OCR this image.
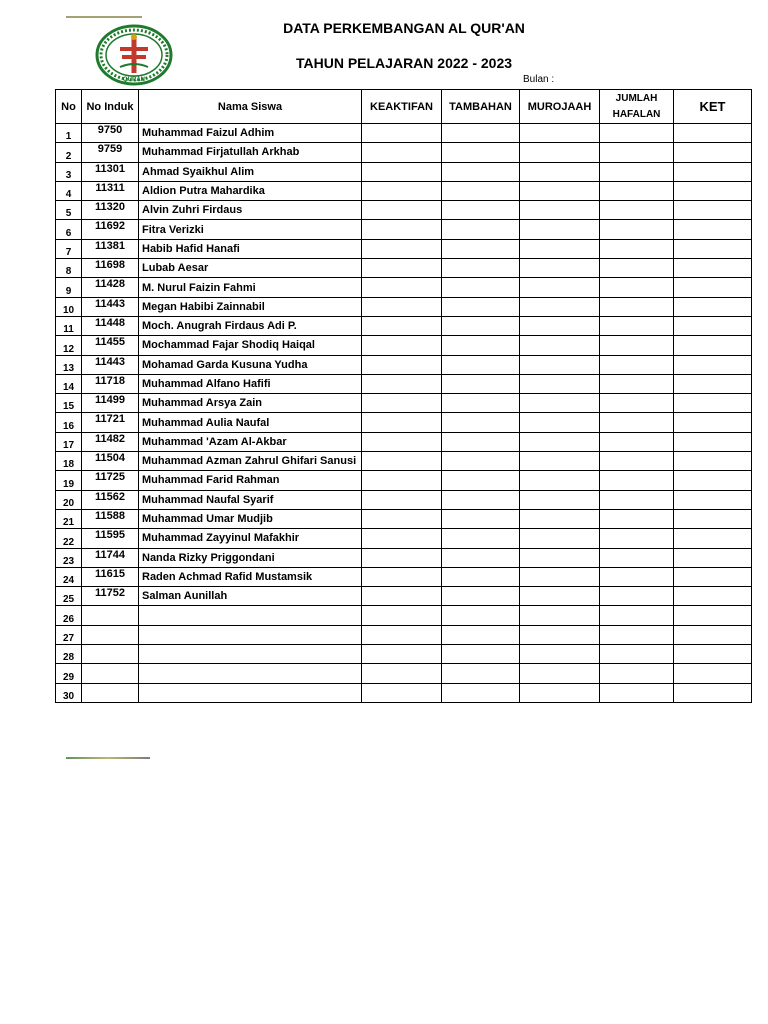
QURAN
DATA PERKEMBANGAN AL QUR'AN
TAHUN PELAJARAN 2022 - 2023
Bulan :
No	No Induk	Nama Siswa	KEAKTIFAN	TAMBAHAN	MUROJAAH	JUMLAH HAFALAN	KET
1	9750	Muhammad Faizul Adhim					
2	9759	Muhammad Firjatullah Arkhab					
3	11301	Ahmad Syaikhul Alim					
4	11311	Aldion Putra Mahardika					
5	11320	Alvin Zuhri Firdaus					
6	11692	Fitra Verizki					
7	11381	Habib Hafid Hanafi					
8	11698	Lubab Aesar					
9	11428	M. Nurul Faizin Fahmi					
10	11443	Megan Habibi Zainnabil					
11	11448	Moch. Anugrah Firdaus Adi P.					
12	11455	Mochammad Fajar Shodiq Haiqal					
13	11443	Mohamad Garda Kusuna Yudha					
14	11718	Muhammad Alfano Hafifi					
15	11499	Muhammad Arsya Zain					
16	11721	Muhammad Aulia Naufal					
17	11482	Muhammad 'Azam Al-Akbar					
18	11504	Muhammad Azman Zahrul Ghifari Sanusi					
19	11725	Muhammad Farid Rahman					
20	11562	Muhammad Naufal Syarif					
21	11588	Muhammad Umar Mudjib					
22	11595	Muhammad Zayyinul Mafakhir					
23	11744	Nanda Rizky Priggondani					
24	11615	Raden Achmad Rafid Mustamsik					
25	11752	Salman Aunillah					
26							
27							
28							
29							
30							
